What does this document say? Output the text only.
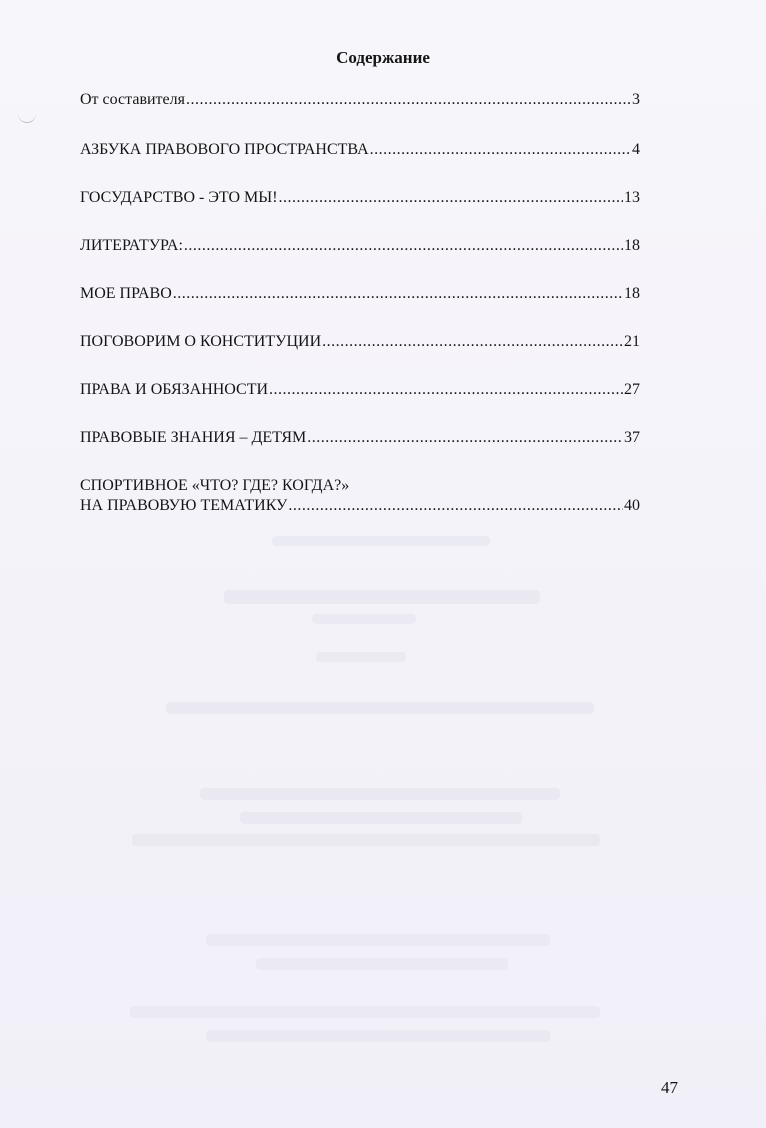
Содержание
От составителя .....	3
АЗБУКА ПРАВОВОГО ПРОСТРАНСТВА .....	4
ГОСУДАРСТВО - ЭТО МЫ! .....	13
ЛИТЕРАТУРА: .....	18
МОЕ ПРАВО .....	18
ПОГОВОРИМ О КОНСТИТУЦИИ .....	21
ПРАВА И ОБЯЗАННОСТИ .....	27
ПРАВОВЫЕ ЗНАНИЯ – ДЕТЯМ .....	37
СПОРТИВНОЕ «ЧТО? ГДЕ? КОГДА?»
НА ПРАВОВУЮ ТЕМАТИКУ .....	40
47
